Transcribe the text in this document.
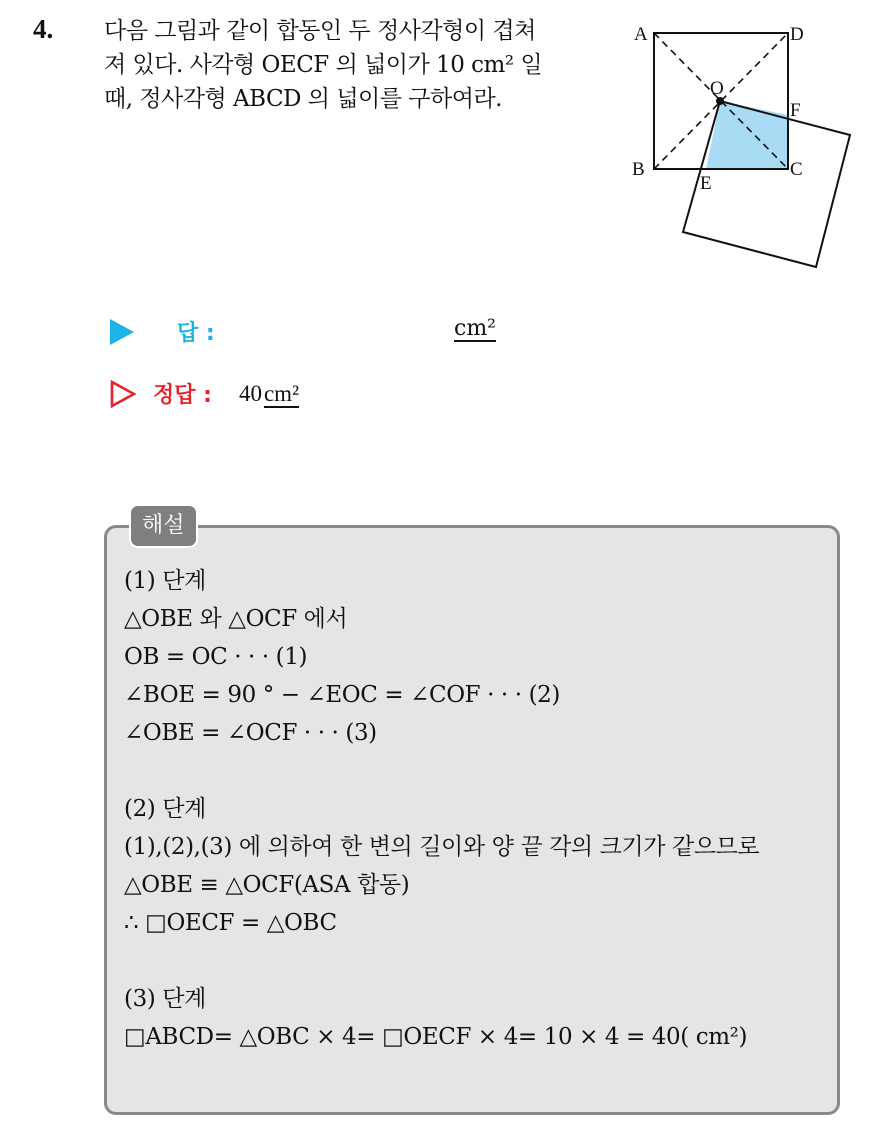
4. 다음 그림과 같이 합동인 두 정사각형이 겹쳐

져 있다. 사각형 OECF 의 넓이가 10 cm² 일

때, 정사각형 ABCD 의 넓이를 구하여라.

A	D
O
F
B	C
E
답 :	cm²
정답 : 40cm²
해설
(1) 단계
△OBE 와 △OCF 에서
OB = OC · · · (1)
∠BOE = 90 ° − ∠EOC = ∠COF · · · (2)
∠OBE = ∠OCF · · · (3)
(2) 단계
(1),(2),(3) 에 의하여 한 변의 길이와 양 끝 각의 크기가 같으므로
△OBE ≡ △OCF(ASA 합동)
∴ □OECF = △OBC
(3) 단계
□ABCD= △OBC × 4= □OECF × 4= 10 × 4 = 40( cm²)
